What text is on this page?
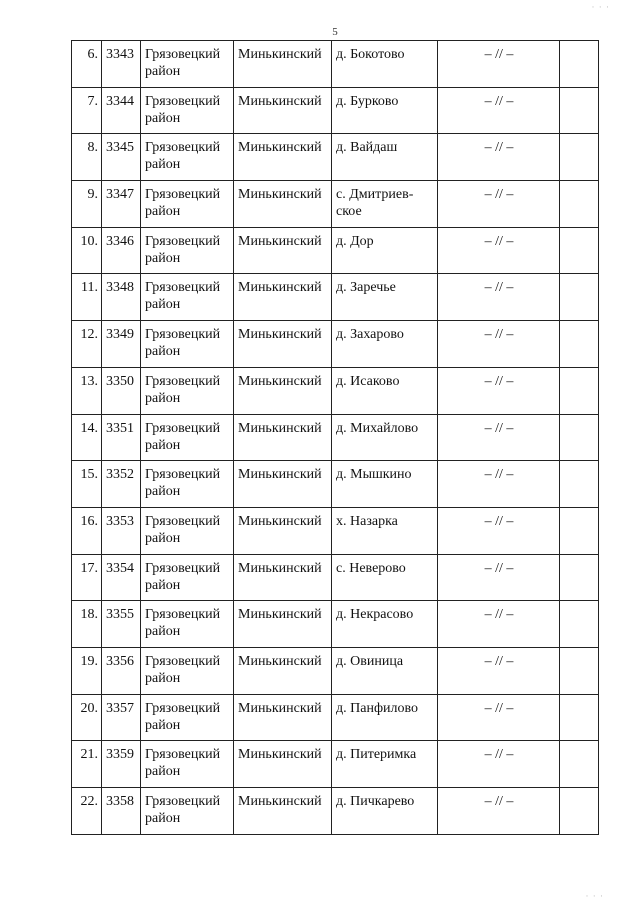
5
· · ·
· · ·
6.	3343	Грязовецкий район	Минькинский	д. Бокотово	– // –	
7.	3344	Грязовецкий район	Минькинский	д. Бурково	– // –	
8.	3345	Грязовецкий район	Минькинский	д. Вайдаш	– // –	
9.	3347	Грязовецкий район	Минькинский	с. Дмитриев-ское	– // –	
10.	3346	Грязовецкий район	Минькинский	д. Дор	– // –	
11.	3348	Грязовецкий район	Минькинский	д. Заречье	– // –	
12.	3349	Грязовецкий район	Минькинский	д. Захарово	– // –	
13.	3350	Грязовецкий район	Минькинский	д. Исаково	– // –	
14.	3351	Грязовецкий район	Минькинский	д. Михайлово	– // –	
15.	3352	Грязовецкий район	Минькинский	д. Мышкино	– // –	
16.	3353	Грязовецкий район	Минькинский	х. Назарка	– // –	
17.	3354	Грязовецкий район	Минькинский	с. Неверово	– // –	
18.	3355	Грязовецкий район	Минькинский	д. Некрасово	– // –	
19.	3356	Грязовецкий район	Минькинский	д. Овиница	– // –	
20.	3357	Грязовецкий район	Минькинский	д. Панфилово	– // –	
21.	3359	Грязовецкий район	Минькинский	д. Питеримка	– // –	
22.	3358	Грязовецкий район	Минькинский	д. Пичкарево	– // –	
